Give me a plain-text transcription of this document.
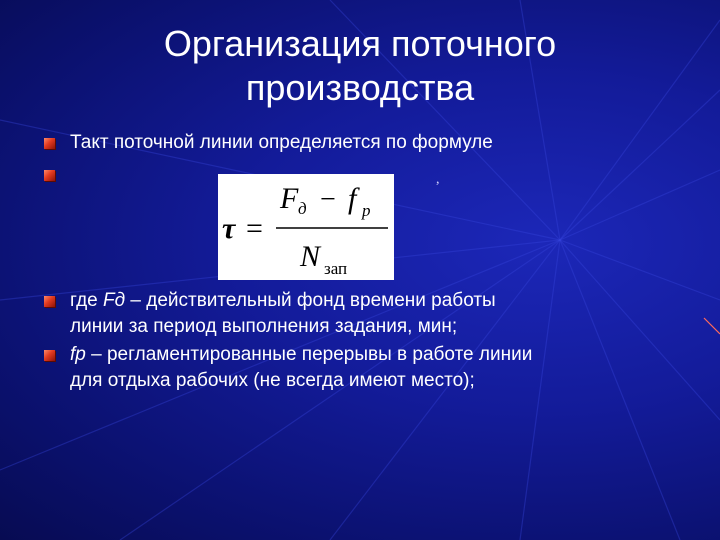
Организация поточного
производства
Такт поточной линии определяется по формуле
τ =
F д − f р
N зап
,
где Fд – действительный фонд времени работы
линии за период выполнения задания, мин;
fр – регламентированные перерывы в работе линии
для отдыха рабочих (не всегда имеют место);
